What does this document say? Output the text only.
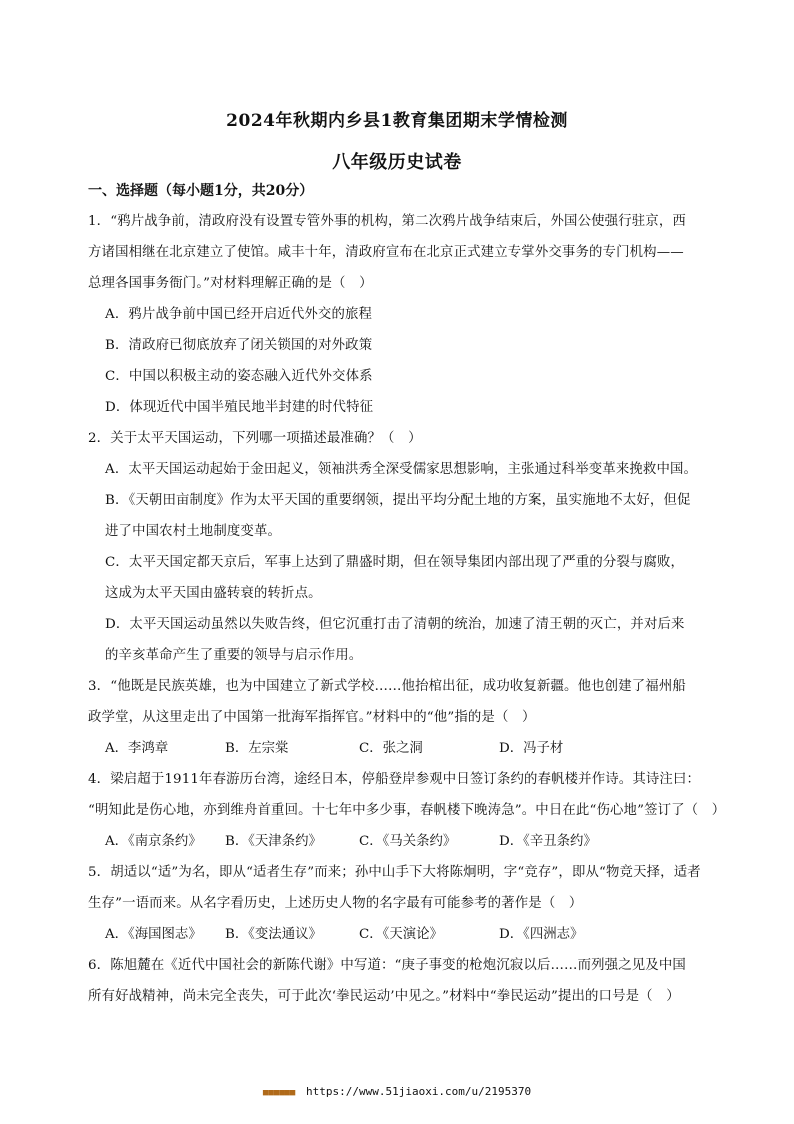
2024年秋期内乡县1教育集团期末学情检测
八年级历史试卷
一、选择题（每小题1分，共20分）
1．“鸦片战争前，清政府没有设置专管外事的机构，第二次鸦片战争结束后，外国公使强行驻京，西
方诸国相继在北京建立了使馆。咸丰十年，清政府宣布在北京正式建立专掌外交事务的专门机构——
总理各国事务衙门。”对材料理解正确的是（　）
A．鸦片战争前中国已经开启近代外交的旅程
B．清政府已彻底放弃了闭关锁国的对外政策
C．中国以积极主动的姿态融入近代外交体系
D．体现近代中国半殖民地半封建的时代特征
2．关于太平天国运动，下列哪一项描述最准确？（　）
A．太平天国运动起始于金田起义，领袖洪秀全深受儒家思想影响，主张通过科举变革来挽救中国。
B．《天朝田亩制度》作为太平天国的重要纲领，提出平均分配土地的方案，虽实施地不太好，但促
进了中国农村土地制度变革。
C．太平天国定都天京后，军事上达到了鼎盛时期，但在领导集团内部出现了严重的分裂与腐败，
这成为太平天国由盛转衰的转折点。
D．太平天国运动虽然以失败告终，但它沉重打击了清朝的统治，加速了清王朝的灭亡，并对后来
的辛亥革命产生了重要的领导与启示作用。
3．“他既是民族英雄，也为中国建立了新式学校……他抬棺出征，成功收复新疆。他也创建了福州船
政学堂，从这里走出了中国第一批海军指挥官。”材料中的“他”指的是（　）
A．李鸿章	B．左宗棠	C．张之洞	D．冯子材
4．梁启超于1911年春游历台湾，途经日本，停船登岸参观中日签订条约的春帆楼并作诗。其诗注曰：
“明知此是伤心地，亦到维舟首重回。十七年中多少事，春帆楼下晚涛急”。中日在此“伤心地”签订了（　）
A．《南京条约》 B．《天津条约》	C．《马关条约》	D．《辛丑条约》
5．胡适以“适”为名，即从“适者生存”而来；孙中山手下大将陈炯明，字“竞存”，即从“物竞天择，适者
生存”一语而来。从名字看历史，上述历史人物的名字最有可能参考的著作是（　）
A．《海国图志》 B．《变法通议》	C．《天演论》	D．《四洲志》
6．陈旭麓在《近代中国社会的新陈代谢》中写道：“庚子事变的枪炮沉寂以后……而列强之见及中国
所有好战精神，尚未完全丧失，可于此次‘拳民运动’中见之。”材料中“拳民运动”提出的口号是（　）
■■■■■■ https://www.51jiaoxi.com/u/2195370
